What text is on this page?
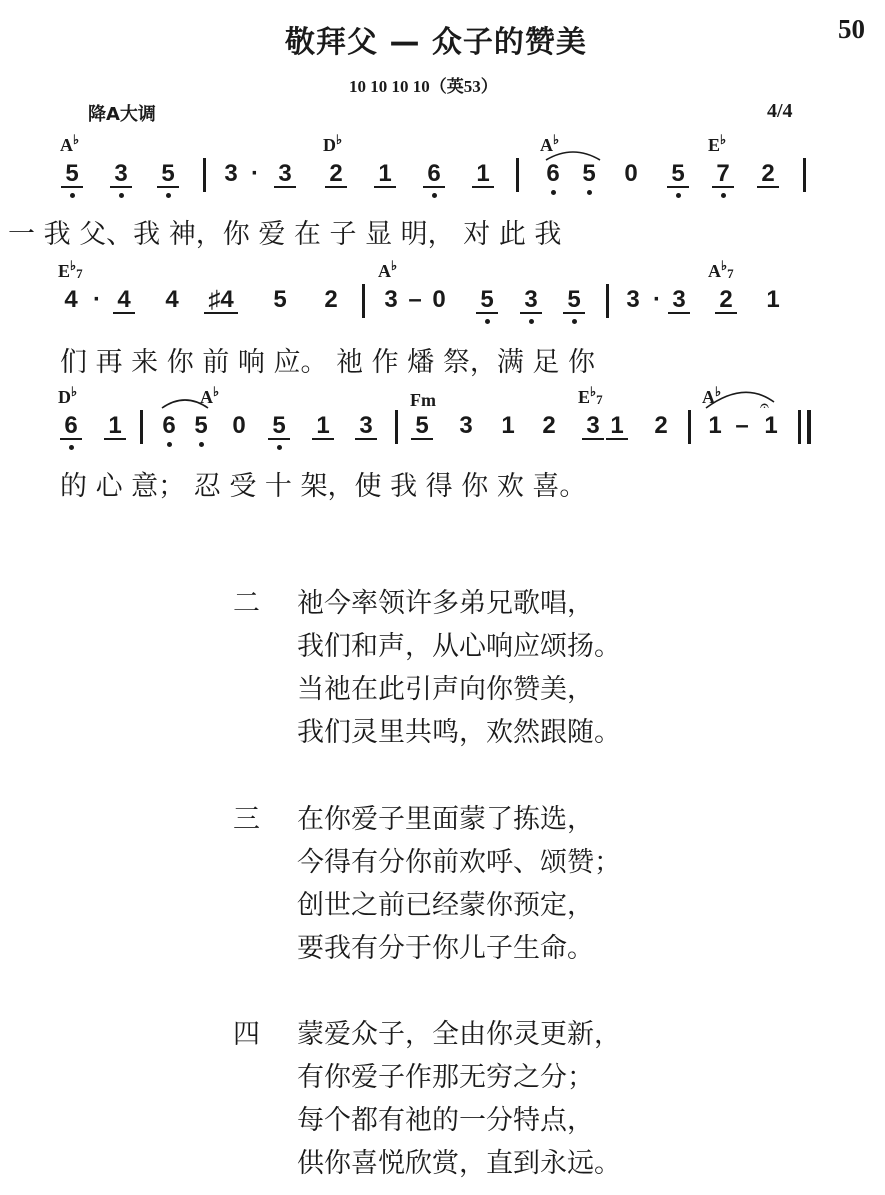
敬拜父 — 众子的赞美	50
10 10 10 10（英53）
降A大调	4/4
A♭	D♭	A♭	E♭
5 3 5 3 · 3 2 1 6 1 6 5 0 5 7 2
一 我 父、我 神，你 爱 在 子 显 明， 对 此 我
$E^♭_7$	A♭	$A^♭_7$
4 · 4 4 ♯4 5 2 3 – 0 5 3 5 3 · 3 2 1
们 再 来 你 前 响 应。 祂 作 燔 祭，满 足 你
D♭	A♭	Fm	$E^♭_7$	A♭
6 1 6 5 0 5 1 3 5 3 1 2 3 1 2 1 –
𝄐
1
的 心 意； 忍 受 十 架，使 我 得 你 欢 喜。
二 祂今率领许多弟兄歌唱，
我们和声，从心响应颂扬。
当祂在此引声向你赞美，
我们灵里共鸣，欢然跟随。
三 在你爱子里面蒙了拣选，
今得有分你前欢呼、颂赞；
创世之前已经蒙你预定，
要我有分于你儿子生命。
四 蒙爱众子，全由你灵更新，
有你爱子作那无穷之分；
每个都有祂的一分特点，
供你喜悦欣赏，直到永远。
